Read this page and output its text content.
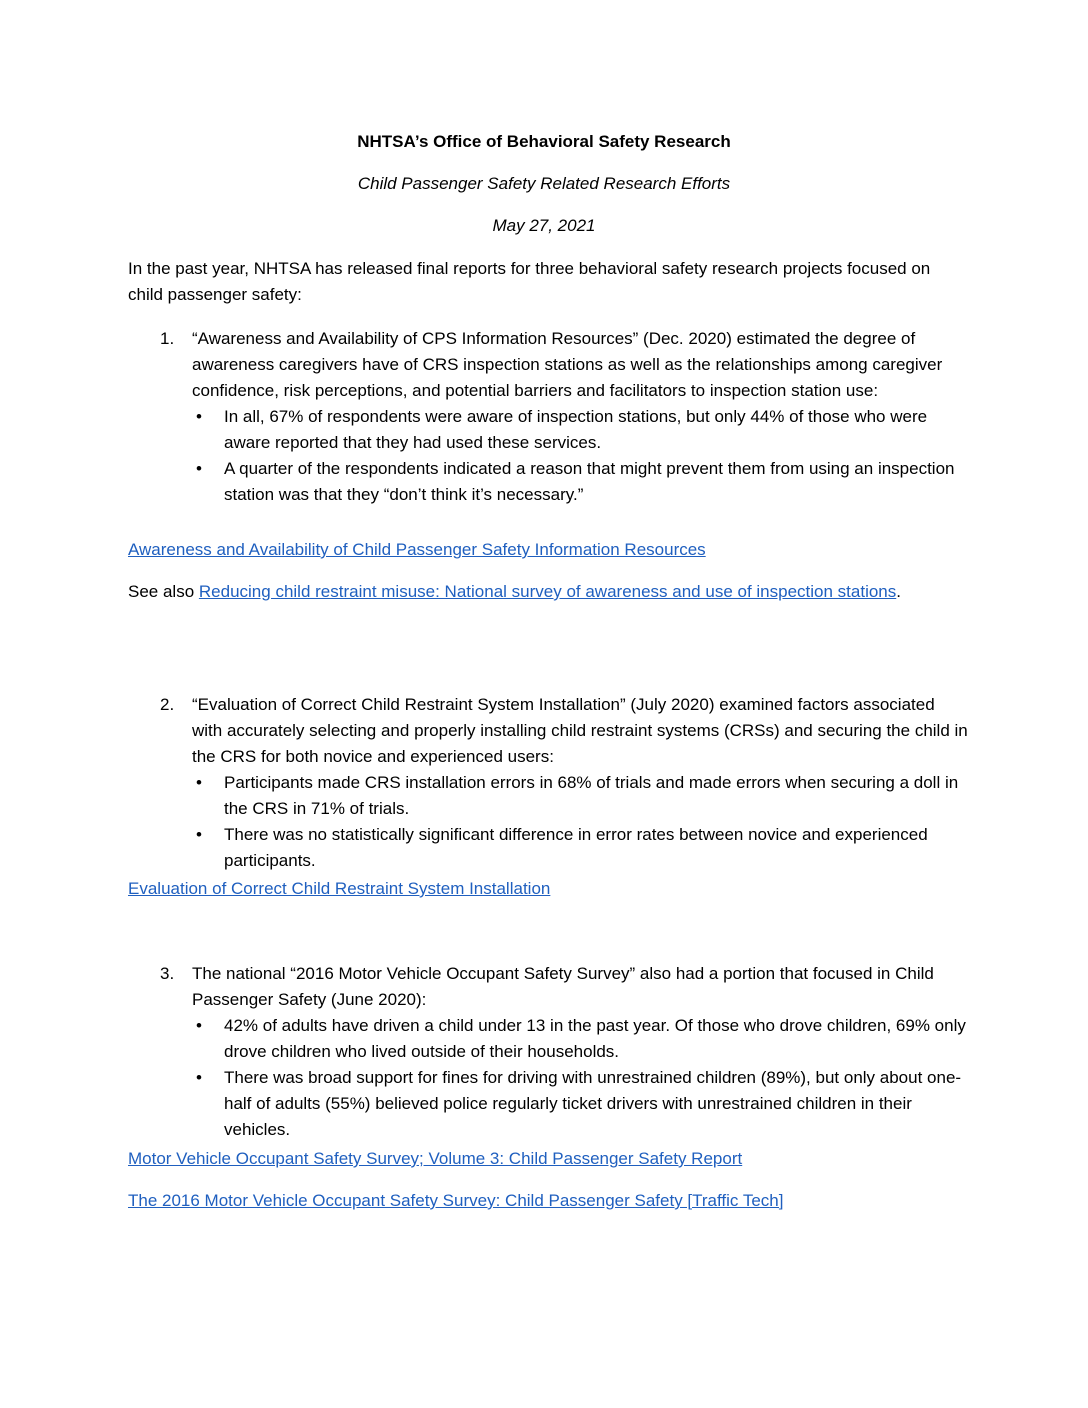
NHTSA’s Office of Behavioral Safety Research
Child Passenger Safety Related Research Efforts
May 27, 2021
In the past year, NHTSA has released final reports for three behavioral safety research projects focused on child passenger safety:
1.	“Awareness and Availability of CPS Information Resources” (Dec. 2020) estimated the degree of awareness caregivers have of CRS inspection stations as well as the relationships among caregiver confidence, risk perceptions, and potential barriers and facilitators to inspection station use:
• In all, 67% of respondents were aware of inspection stations, but only 44% of those who were aware reported that they had used these services.
• A quarter of the respondents indicated a reason that might prevent them from using an inspection station was that they “don’t think it’s necessary.”
Awareness and Availability of Child Passenger Safety Information Resources
See also Reducing child restraint misuse: National survey of awareness and use of inspection stations.
2.	“Evaluation of Correct Child Restraint System Installation” (July 2020) examined factors associated with accurately selecting and properly installing child restraint systems (CRSs) and securing the child in the CRS for both novice and experienced users:
• Participants made CRS installation errors in 68% of trials and made errors when securing a doll in the CRS in 71% of trials.
• There was no statistically significant difference in error rates between novice and experienced participants.
Evaluation of Correct Child Restraint System Installation
3.	The national “2016 Motor Vehicle Occupant Safety Survey” also had a portion that focused in Child Passenger Safety (June 2020):
• 42% of adults have driven a child under 13 in the past year. Of those who drove children, 69% only drove children who lived outside of their households.
• There was broad support for fines for driving with unrestrained children (89%), but only about one-half of adults (55%) believed police regularly ticket drivers with unrestrained children in their vehicles.
Motor Vehicle Occupant Safety Survey; Volume 3: Child Passenger Safety Report
The 2016 Motor Vehicle Occupant Safety Survey: Child Passenger Safety [Traffic Tech]
